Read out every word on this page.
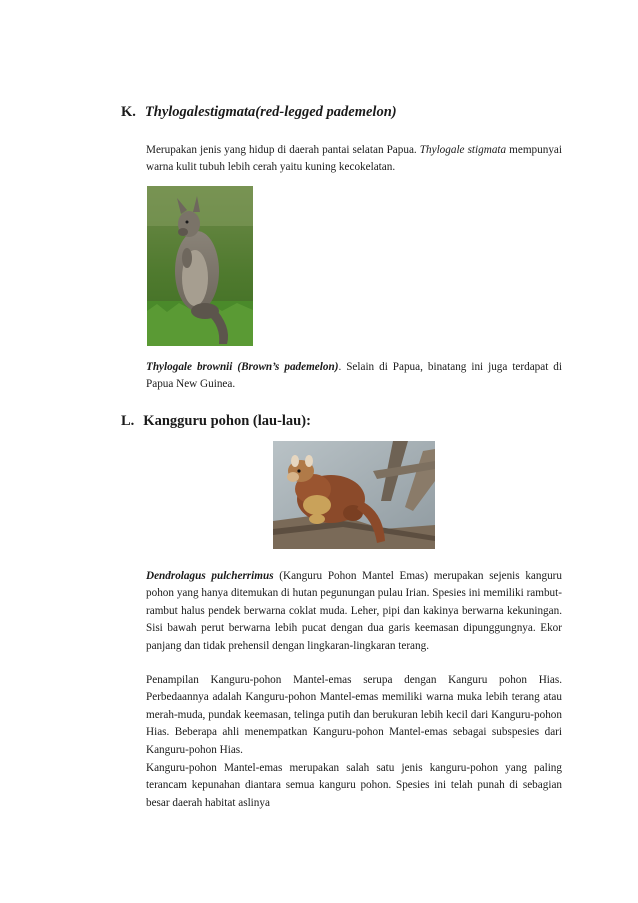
K. Thylogalestigmata(red-legged pademelon)

Merupakan jenis yang hidup di daerah pantai selatan Papua. Thylogale stigmata mempunyai warna kulit tubuh lebih cerah yaitu kuning kecokelatan.

Thylogale brownii (Brown’s pademelon). Selain di Papua, binatang ini juga terdapat di Papua New Guinea.

L. Kangguru pohon (lau-lau):

Dendrolagus pulcherrimus (Kanguru Pohon Mantel Emas) merupakan sejenis kanguru pohon yang hanya ditemukan di hutan pegunungan pulau Irian. Spesies ini memiliki rambut-rambut halus pendek berwarna coklat muda. Leher, pipi dan kakinya berwarna kekuningan. Sisi bawah perut berwarna lebih pucat dengan dua garis keemasan dipunggungnya. Ekor panjang dan tidak prehensil dengan lingkaran-lingkaran terang.

Penampilan Kanguru-pohon Mantel-emas serupa dengan Kanguru pohon Hias. Perbedaannya adalah Kanguru-pohon Mantel-emas memiliki warna muka lebih terang atau merah-muda, pundak keemasan, telinga putih dan berukuran lebih kecil dari Kanguru-pohon Hias. Beberapa ahli menempatkan Kanguru-pohon Mantel-emas sebagai subspesies dari Kanguru-pohon Hias.

Kanguru-pohon Mantel-emas merupakan salah satu jenis kanguru-pohon yang paling terancam kepunahan diantara semua kanguru pohon. Spesies ini telah punah di sebagian besar daerah habitat aslinya
